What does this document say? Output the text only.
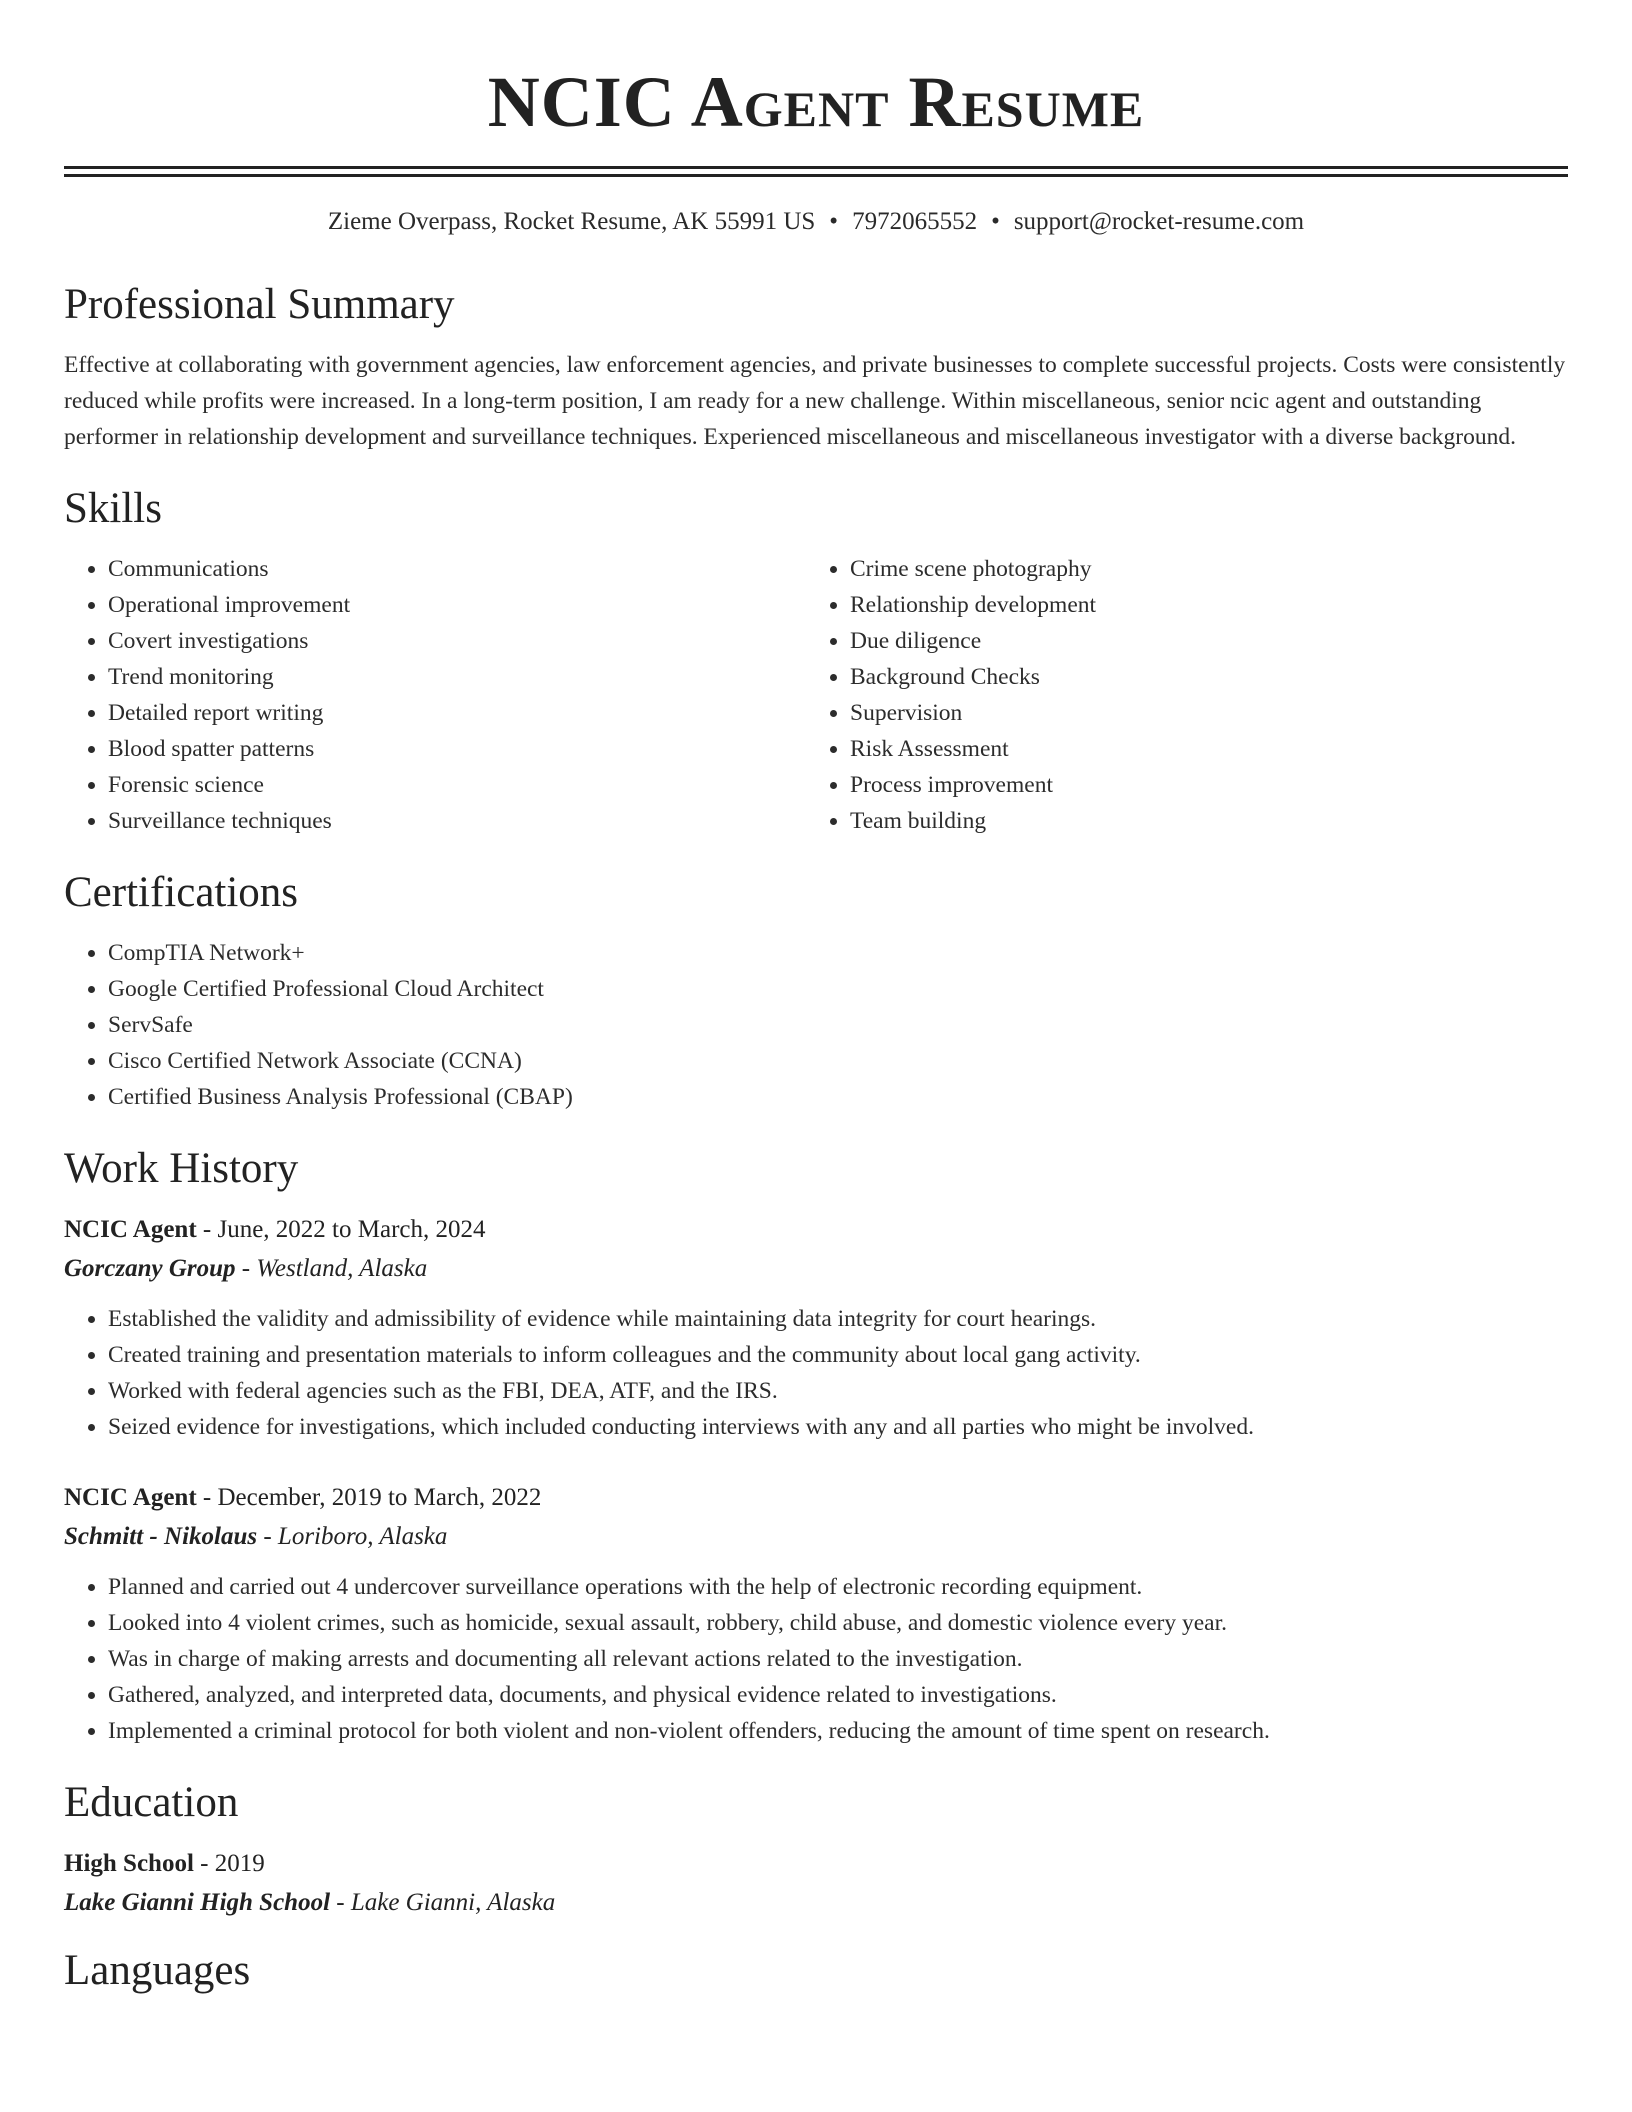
NCIC Agent Resume
Zieme Overpass, Rocket Resume, AK 55991 US • 7972065552 • support@rocket-resume.com
Professional Summary

Effective at collaborating with government agencies, law enforcement agencies, and private businesses to complete successful projects. Costs were consistently reduced while profits were increased. In a long-term position, I am ready for a new challenge. Within miscellaneous, senior ncic agent and outstanding performer in relationship development and surveillance techniques. Experienced miscellaneous and miscellaneous investigator with a diverse background.

Skills
• Communications
• Operational improvement
• Covert investigations
• Trend monitoring
• Detailed report writing
• Blood spatter patterns
• Forensic science
• Surveillance techniques
• Crime scene photography
• Relationship development
• Due diligence
• Background Checks
• Supervision
• Risk Assessment
• Process improvement
• Team building
Certifications
• CompTIA Network+
• Google Certified Professional Cloud Architect
• ServSafe
• Cisco Certified Network Associate (CCNA)
• Certified Business Analysis Professional (CBAP)
Work History
NCIC Agent - June, 2022 to March, 2024
Gorczany Group - Westland, Alaska
• Established the validity and admissibility of evidence while maintaining data integrity for court hearings.
• Created training and presentation materials to inform colleagues and the community about local gang activity.
• Worked with federal agencies such as the FBI, DEA, ATF, and the IRS.
• Seized evidence for investigations, which included conducting interviews with any and all parties who might be involved.
NCIC Agent - December, 2019 to March, 2022
Schmitt - Nikolaus - Loriboro, Alaska
• Planned and carried out 4 undercover surveillance operations with the help of electronic recording equipment.
• Looked into 4 violent crimes, such as homicide, sexual assault, robbery, child abuse, and domestic violence every year.
• Was in charge of making arrests and documenting all relevant actions related to the investigation.
• Gathered, analyzed, and interpreted data, documents, and physical evidence related to investigations.
• Implemented a criminal protocol for both violent and non-violent offenders, reducing the amount of time spent on research.
Education
High School - 2019
Lake Gianni High School - Lake Gianni, Alaska
Languages
